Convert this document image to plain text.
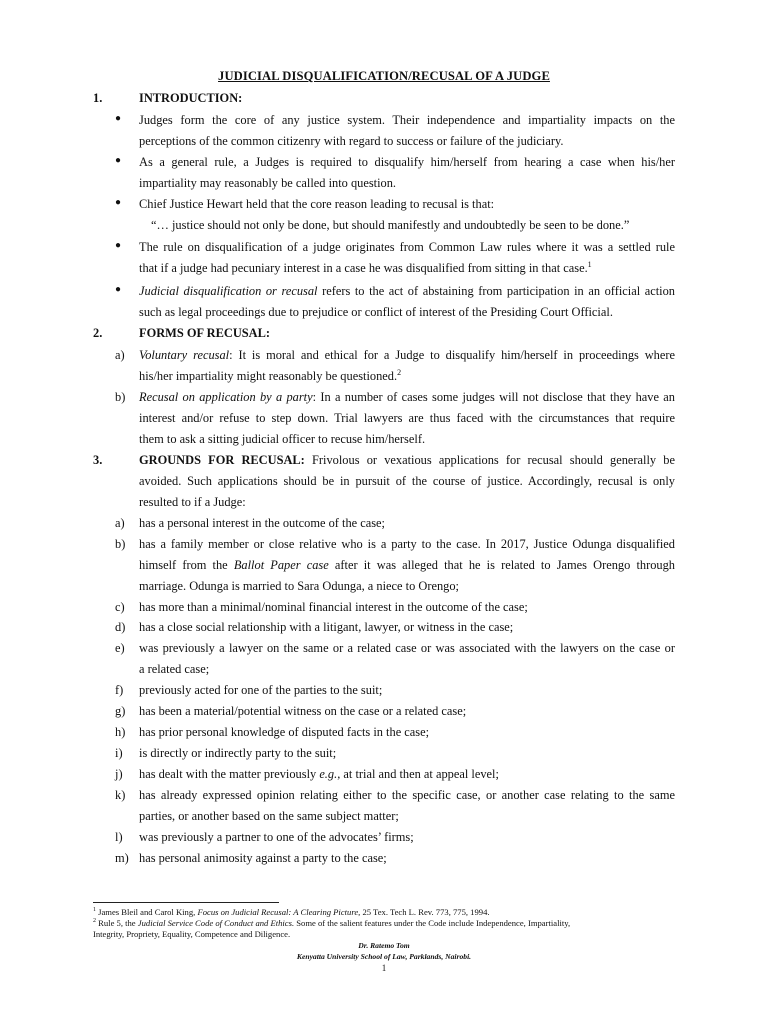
JUDICIAL DISQUALIFICATION/RECUSAL OF A JUDGE
1.	INTRODUCTION:
● Judges form the core of any justice system. Their independence and impartiality impacts on the
perceptions of the common citizenry with regard to success or failure of the judiciary.
● As a general rule, a Judges is required to disqualify him/herself from hearing a case when his/her
impartiality may reasonably be called into question.
● Chief Justice Hewart held that the core reason leading to recusal is that:
“… justice should not only be done, but should manifestly and undoubtedly be seen to be done.”
● The rule on disqualification of a judge originates from Common Law rules where it was a settled rule
that if a judge had pecuniary interest in a case he was disqualified from sitting in that case.$^1$
● Judicial disqualification or recusal refers to the act of abstaining from participation in an official action
such as legal proceedings due to prejudice or conflict of interest of the Presiding Court Official.
2.	FORMS OF RECUSAL:
a) Voluntary recusal: It is moral and ethical for a Judge to disqualify him/herself in proceedings where
his/her impartiality might reasonably be questioned.$^2$
b) Recusal on application by a party: In a number of cases some judges will not disclose that they have an
interest and/or refuse to step down. Trial lawyers are thus faced with the circumstances that require
them to ask a sitting judicial officer to recuse him/herself.
3.	GROUNDS FOR RECUSAL: Frivolous or vexatious applications for recusal should generally be
avoided. Such applications should be in pursuit of the course of justice. Accordingly, recusal is only
resulted to if a Judge:
a) has a personal interest in the outcome of the case;
b) has a family member or close relative who is a party to the case. In 2017, Justice Odunga disqualified
himself from the Ballot Paper case after it was alleged that he is related to James Orengo through
marriage. Odunga is married to Sara Odunga, a niece to Orengo;
c) has more than a minimal/nominal financial interest in the outcome of the case;
d) has a close social relationship with a litigant, lawyer, or witness in the case;
e) was previously a lawyer on the same or a related case or was associated with the lawyers on the case or
a related case;
f) previously acted for one of the parties to the suit;
g) has been a material/potential witness on the case or a related case;
h) has prior personal knowledge of disputed facts in the case;
i) is directly or indirectly party to the suit;
j) has dealt with the matter previously e.g., at trial and then at appeal level;
k) has already expressed opinion relating either to the specific case, or another case relating to the same
parties, or another based on the same subject matter;
l) was previously a partner to one of the advocates’ firms;
m) has personal animosity against a party to the case;
$^1$ James Bleil and Carol King, Focus on Judicial Recusal: A Clearing Picture, 25 Tex. Tech L. Rev. 773, 775, 1994.
$^2$ Rule 5, the Judicial Service Code of Conduct and Ethics. Some of the salient features under the Code include Independence, Impartiality,
Integrity, Propriety, Equality, Competence and Diligence.
Dr. Ratemo Tom
Kenyatta University School of Law, Parklands, Nairobi.
1
